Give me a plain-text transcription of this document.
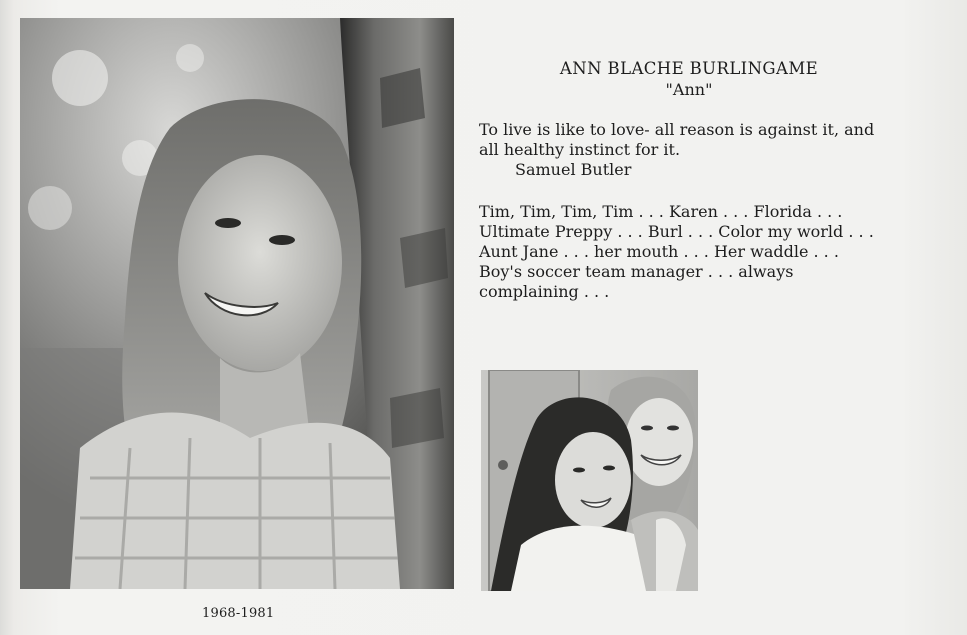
ANN BLACHE BURLINGAME
"Ann"
To live is like to love- all reason is against it, and all healthy instinct for it.
Samuel Butler
Tim, Tim, Tim, Tim . . . Karen . . . Florida . . .
Ultimate Preppy . . . Burl . . . Color my world . . .
Aunt Jane . . . her mouth . . . Her waddle . . .
Boy's soccer team manager . . . always
complaining . . .
1968-1981
